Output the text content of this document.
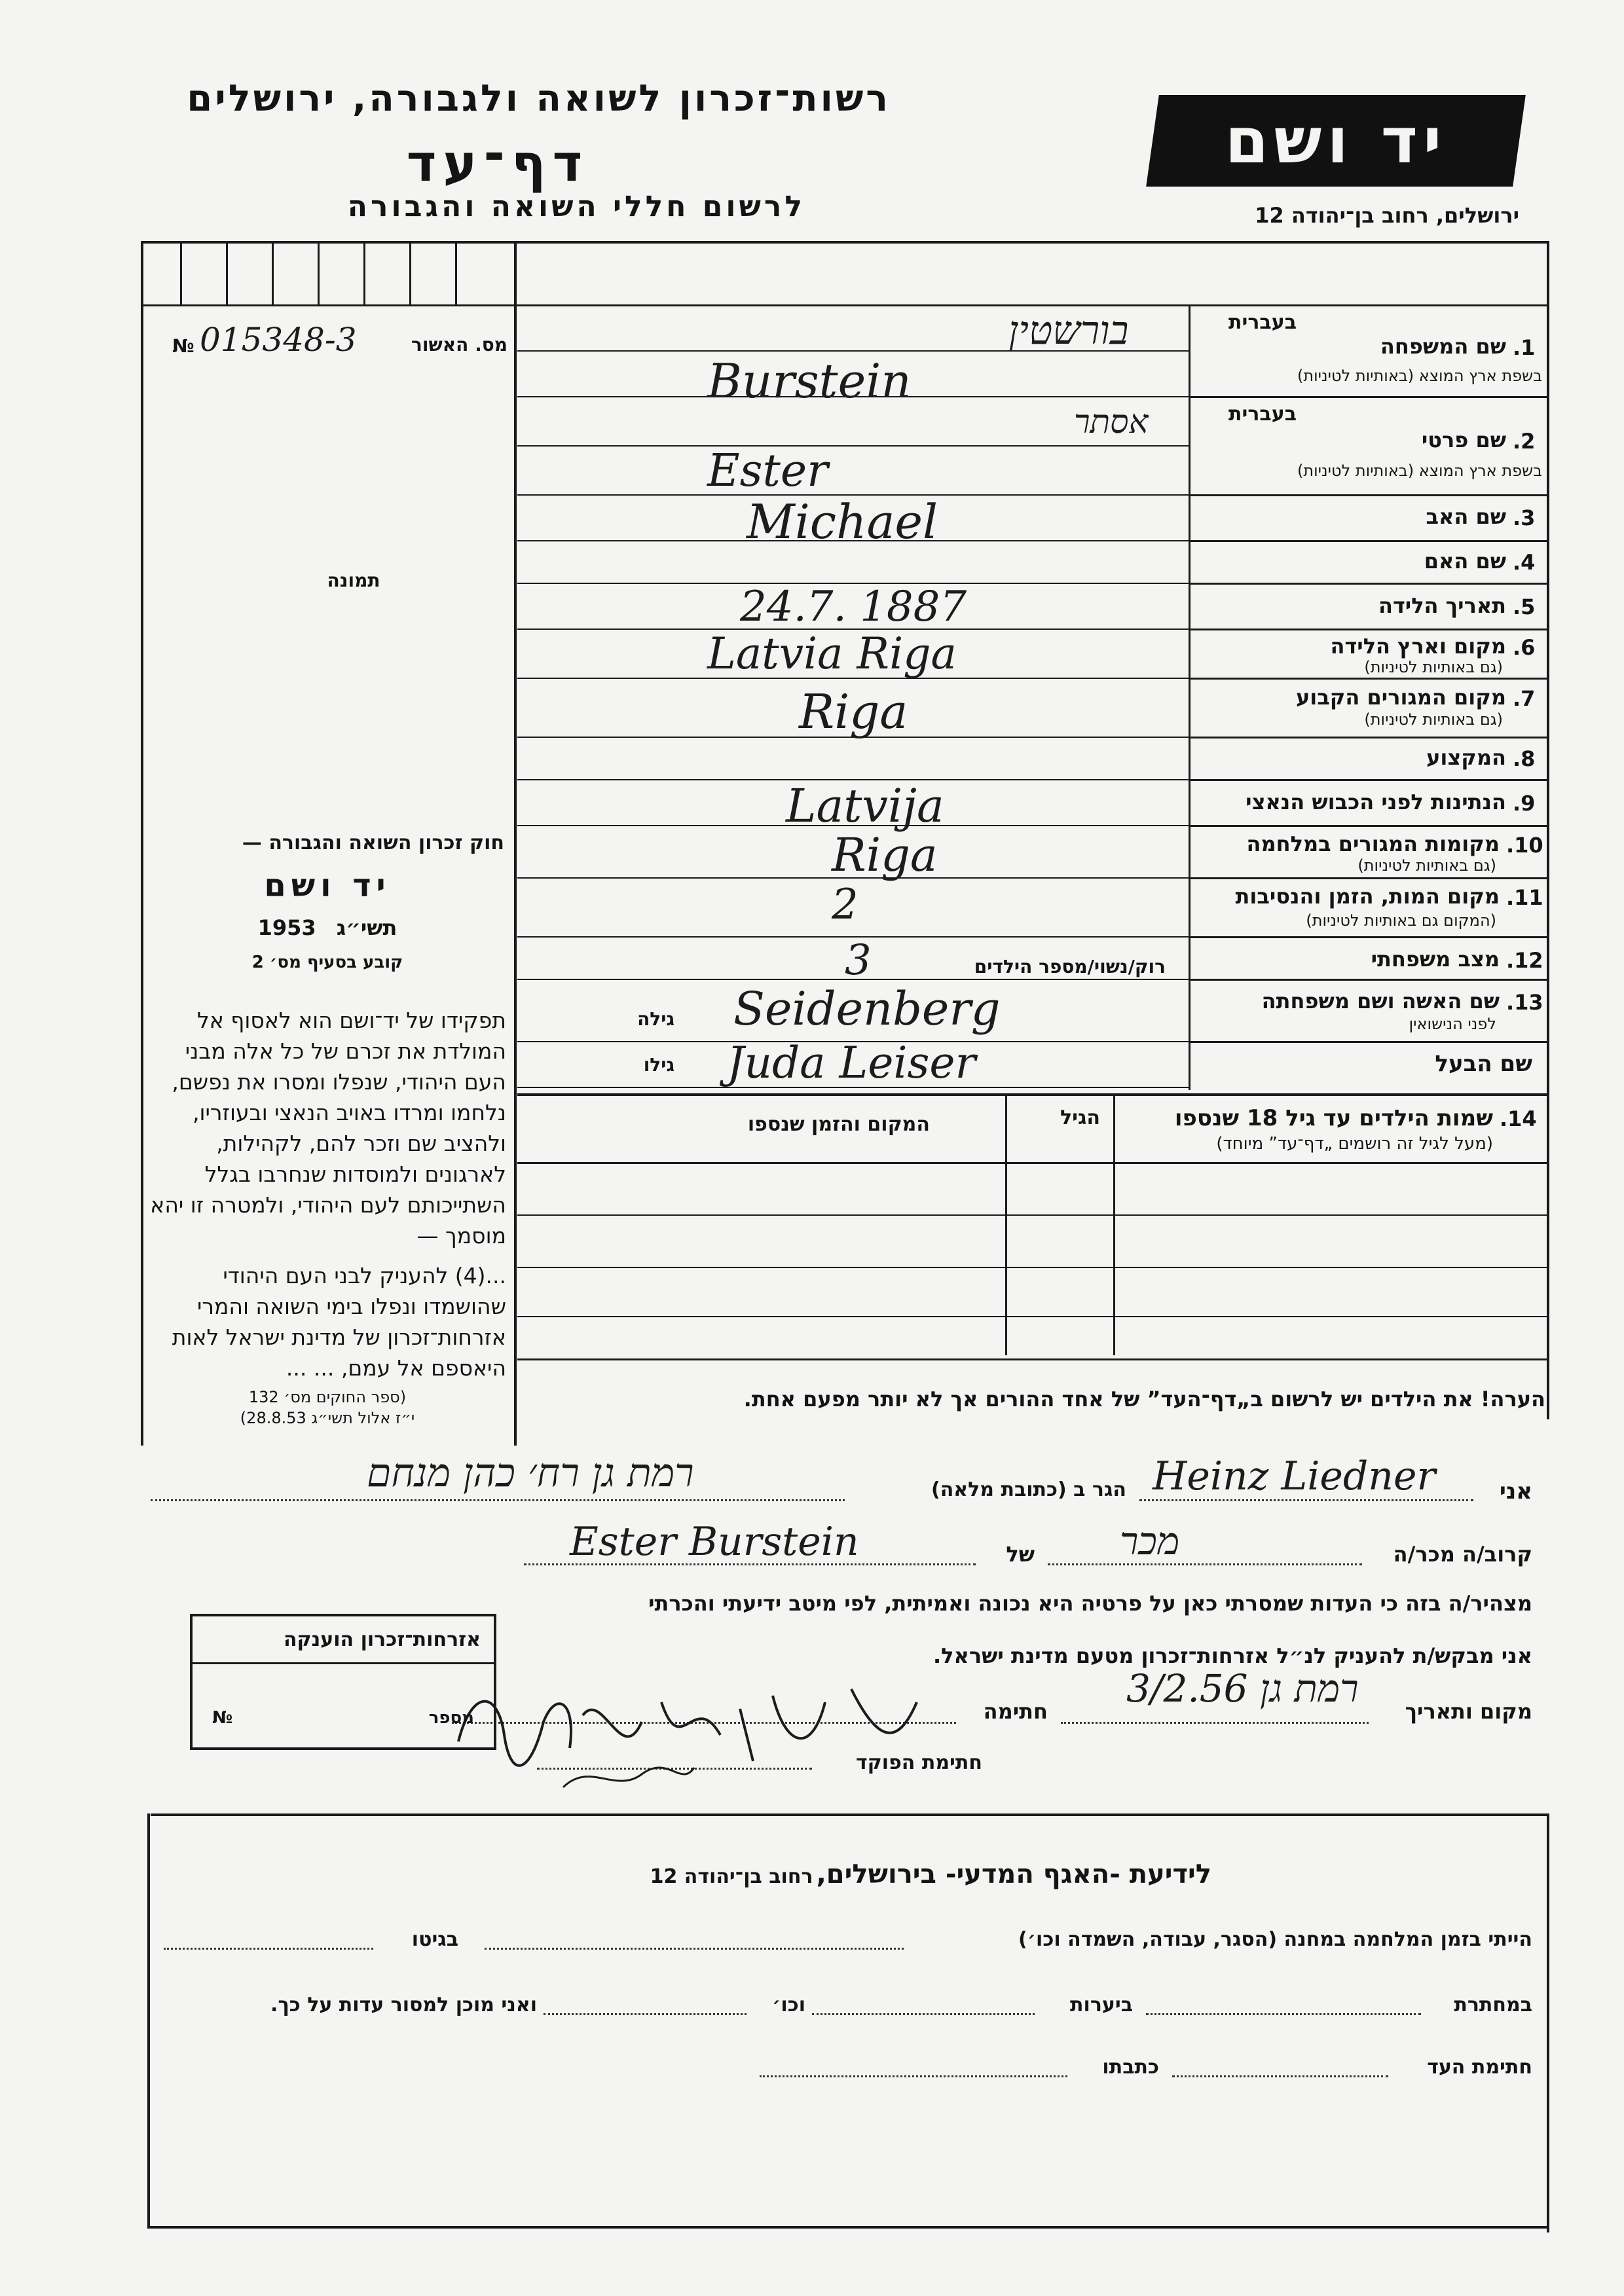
רשות־זכרון לשואה ולגבורה, ירושלים
דף־עד
לרשום חללי השואה והגבורה
יד ושם
ירושלים, רחוב בן־יהודה 12
№ 015348-3	מס. האשור
תמונה
חוק זכרון השואה והגבורה —
יד ושם
1953 תשי״ג
קובע בסעיף מס׳ 2
תפקידו של יד־ושם הוא לאסוף אל המולדת את זכרם של כל אלה מבני העם היהודי, שנפלו ומסרו את נפשם, נלחמו ומרדו באויב הנאצי ובעוזריו, ולהציב שם וזכר להם, לקהילות, לארגונים ולמוסדות שנחרבו בגלל השתייכותם לעם היהודי, ולמטרה זו יהא מוסמך —
...(4) להעניק לבני העם היהודי שהושמדו ונפלו בימי השואה והמרי אזרחות־זכרון של מדינת ישראל לאות היאספם אל עמם, ... ...
(ספר החוקים מס׳ 132
י״ז אלול תשי״ג 28.8.53)
1.
שם המשפחה
בעברית
בשפת ארץ המוצא (באותיות לטיניות)
בורשטין
Burstein
2.
שם פרטי
בעברית
בשפת ארץ המוצא (באותיות לטיניות)
אסתר
Ester
3.
שם האב
Michael
4.
שם האם
5.
תאריך הלידה
24.7. 1887
6.
מקום וארץ הלידה
(גם באותיות לטיניות)
Latvia Riga
7.
מקום המגורים הקבוע
(גם באותיות לטיניות)
Riga
8.
המקצוע
9.
הנתינות לפני הכבוש הנאצי
Latvija
10.
מקומות המגורים במלחמה
(גם באותיות לטיניות)
Riga
11.
מקום המות, הזמן והנסיבות
(המקום גם באותיות לטיניות)
2
12.
מצב משפחתי
רוק/נשוי/מספר הילדים
3
13.
שם האשה ושם משפחתה
לפני הנישואין
גילה Seidenberg
שם הבעל
גילו Juda Leiser
14.
שמות הילדים עד גיל 18 שנספו
(מעל לגיל זה רושמים „דף־עד” מיוחד)
הגיל
המקום והזמן שנספו
הערה! את הילדים יש לרשום ב„דף־העד” של אחד ההורים אך לא יותר מפעם אחת.
אני
Heinz Liedner
הגר ב (כתובת מלאה)
רמת גן רח׳ כהן מנחם
קרוב/ה מכר/ה
מכר
של
Ester Burstein
מצהיר/ה בזה כי העדות שמסרתי כאן על פרטיה היא נכונה ואמיתית, לפי מיטב ידיעתי והכרתי
אני מבקש/ת להעניק לנ״ל אזרחות־זכרון מטעם מדינת ישראל.
מקום ותאריך
רמת גן 3/2.56
חתימה
חתימת הפוקד
אזרחות־זכרון הוענקה
№	מספר
לידיעת -האגף המדעי- בירושלים, רחוב בן־יהודה 12
הייתי בזמן המלחמה במחנה (הסגר, עבודה, השמדה וכו׳)
בגיטו
במחתרת
ביערות
וכו׳
ואני מוכן למסור עדות על כך.
חתימת העד
כתבתו
